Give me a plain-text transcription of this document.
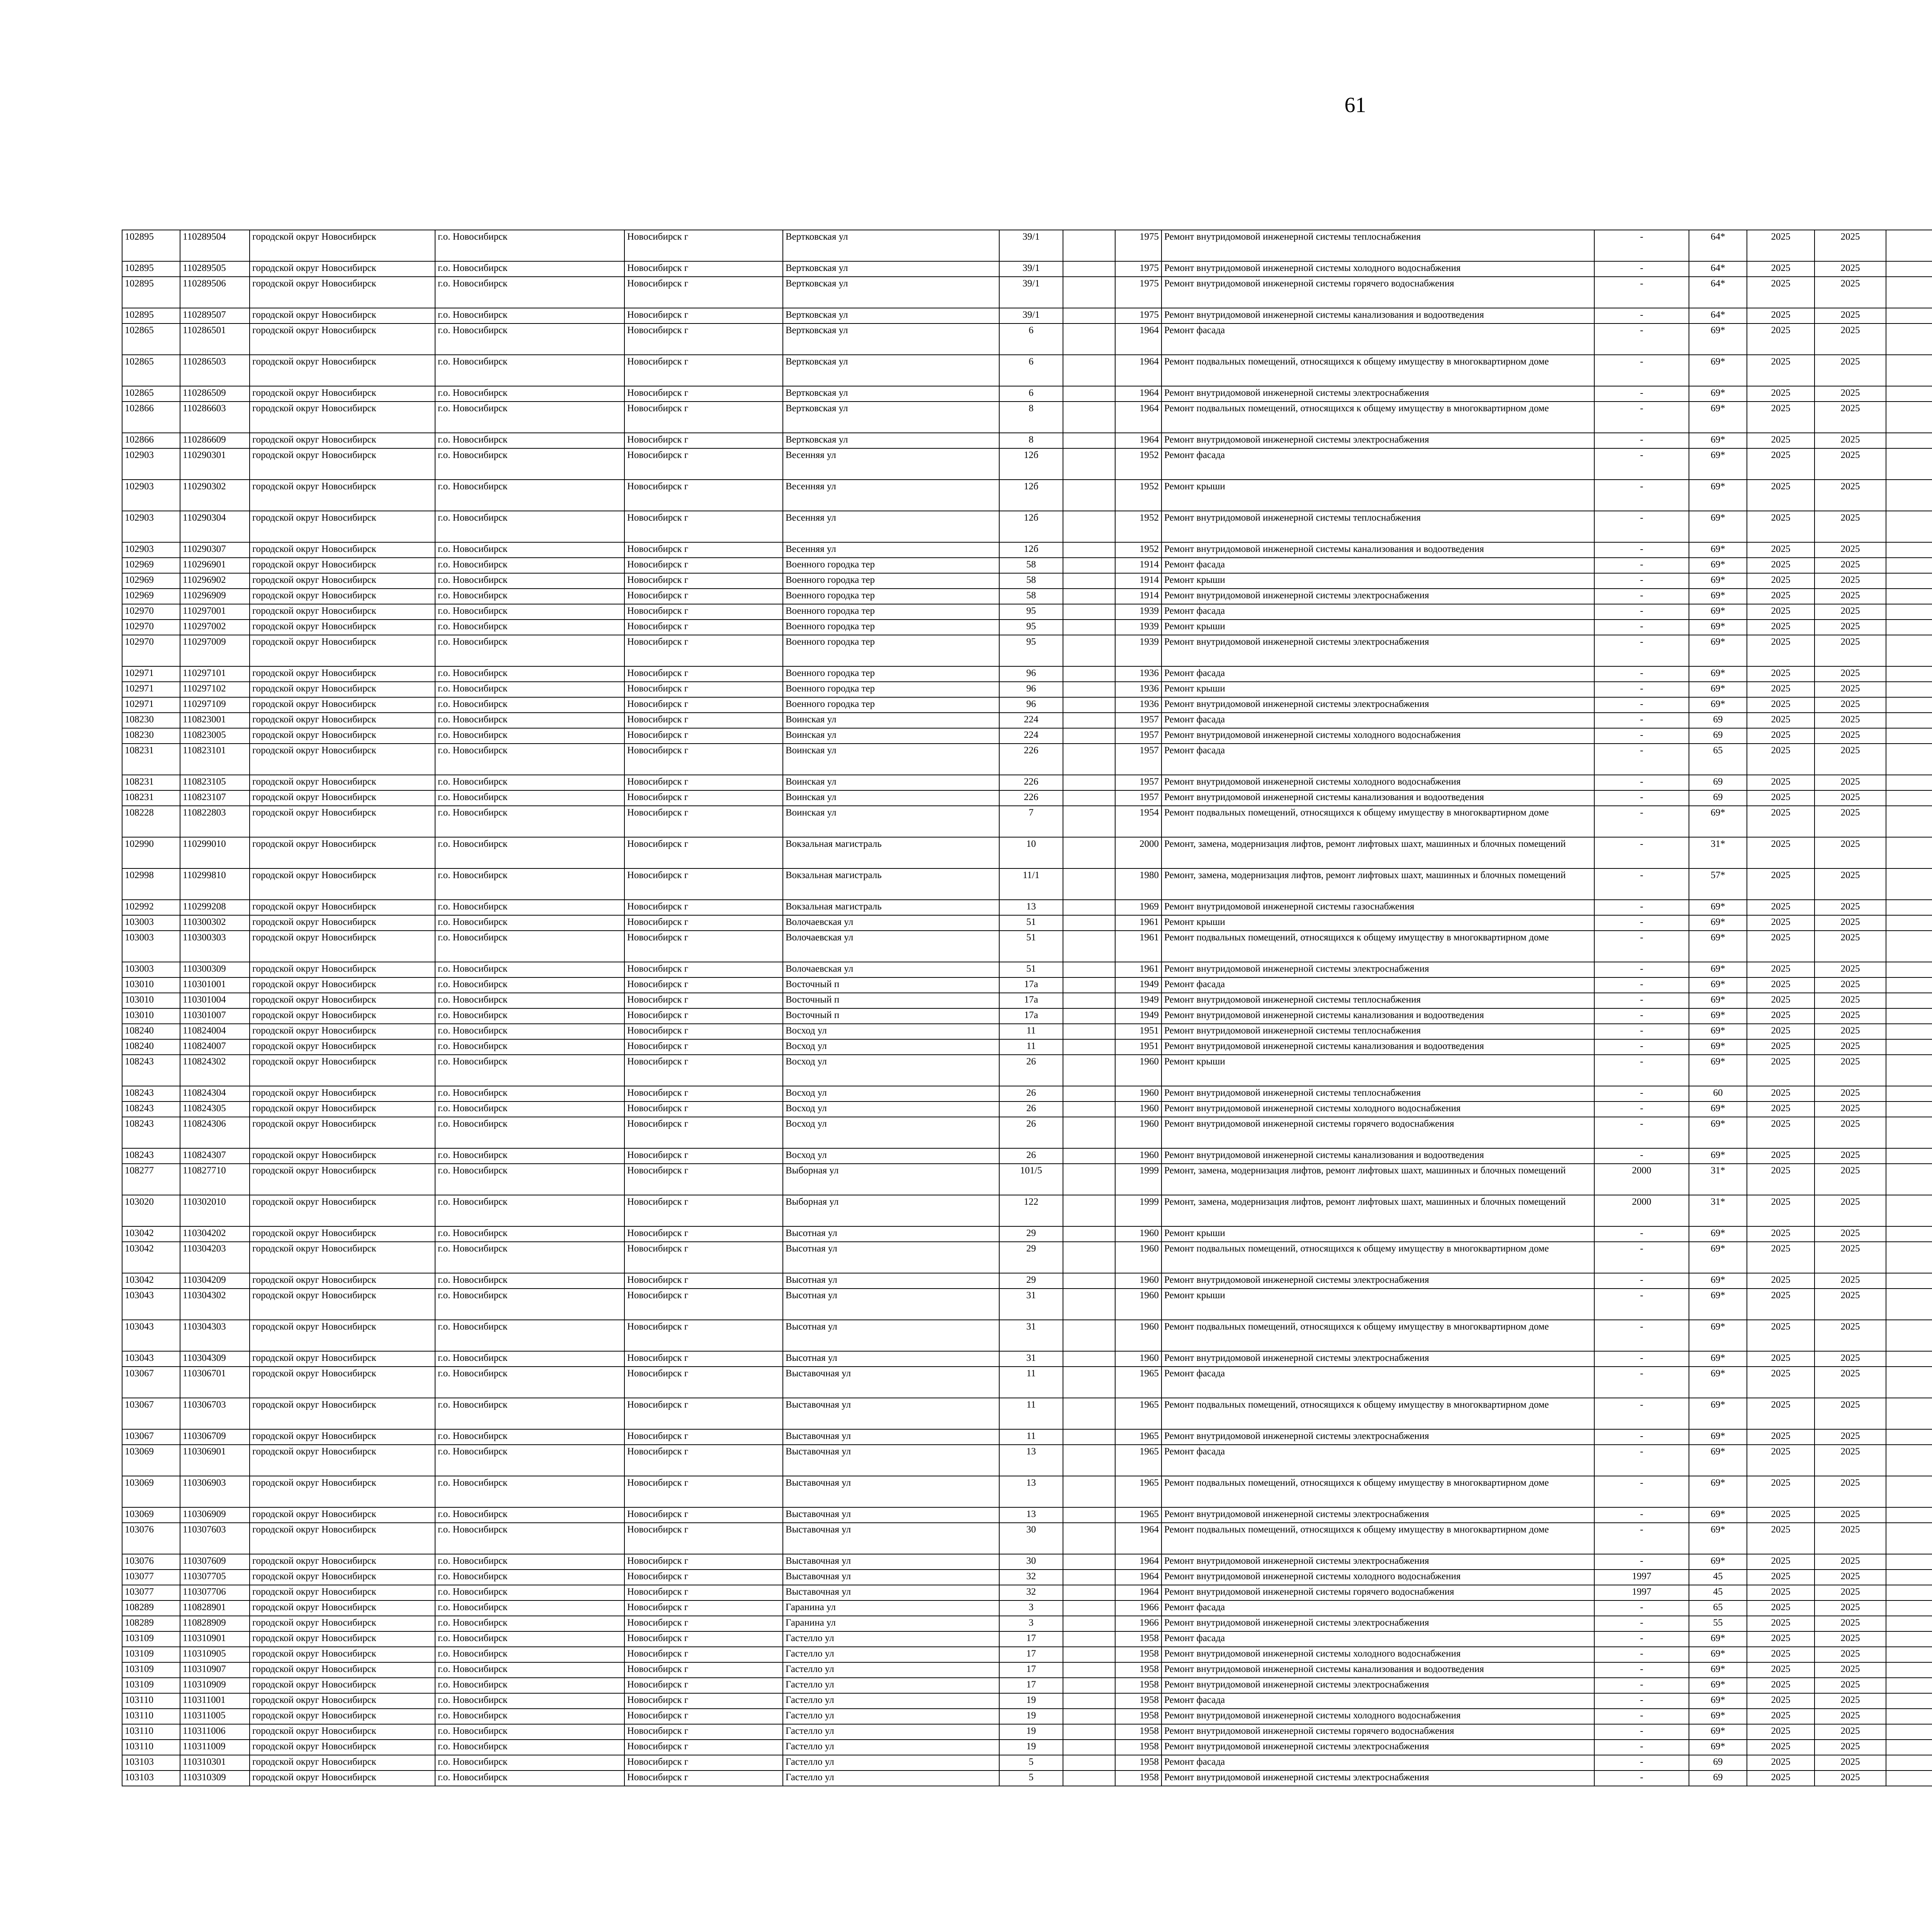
61
102895	110289504	городской округ Новосибирск	г.о. Новосибирск	Новосибирск г	Вертковская ул	39/1		1975	Ремонт внутридомовой инженерной системы теплоснабжения	-	64*	2025	2025								
102895	110289505	городской округ Новосибирск	г.о. Новосибирск	Новосибирск г	Вертковская ул	39/1		1975	Ремонт внутридомовой инженерной системы холодного водоснабжения	-	64*	2025	2025								
102895	110289506	городской округ Новосибирск	г.о. Новосибирск	Новосибирск г	Вертковская ул	39/1		1975	Ремонт внутридомовой инженерной системы горячего водоснабжения	-	64*	2025	2025								
102895	110289507	городской округ Новосибирск	г.о. Новосибирск	Новосибирск г	Вертковская ул	39/1		1975	Ремонт внутридомовой инженерной системы канализования и водоотведения	-	64*	2025	2025								
102865	110286501	городской округ Новосибирск	г.о. Новосибирск	Новосибирск г	Вертковская ул	6		1964	Ремонт фасада	-	69*	2025	2025								
102865	110286503	городской округ Новосибирск	г.о. Новосибирск	Новосибирск г	Вертковская ул	6		1964	Ремонт подвальных помещений, относящихся к общему имуществу в многоквартирном доме	-	69*	2025	2025								
102865	110286509	городской округ Новосибирск	г.о. Новосибирск	Новосибирск г	Вертковская ул	6		1964	Ремонт внутридомовой инженерной системы электроснабжения	-	69*	2025	2025								
102866	110286603	городской округ Новосибирск	г.о. Новосибирск	Новосибирск г	Вертковская ул	8		1964	Ремонт подвальных помещений, относящихся к общему имуществу в многоквартирном доме	-	69*	2025	2025								
102866	110286609	городской округ Новосибирск	г.о. Новосибирск	Новосибирск г	Вертковская ул	8		1964	Ремонт внутридомовой инженерной системы электроснабжения	-	69*	2025	2025								
102903	110290301	городской округ Новосибирск	г.о. Новосибирск	Новосибирск г	Весенняя ул	12б		1952	Ремонт фасада	-	69*	2025	2025								
102903	110290302	городской округ Новосибирск	г.о. Новосибирск	Новосибирск г	Весенняя ул	12б		1952	Ремонт крыши	-	69*	2025	2025								
102903	110290304	городской округ Новосибирск	г.о. Новосибирск	Новосибирск г	Весенняя ул	12б		1952	Ремонт внутридомовой инженерной системы теплоснабжения	-	69*	2025	2025								
102903	110290307	городской округ Новосибирск	г.о. Новосибирск	Новосибирск г	Весенняя ул	12б		1952	Ремонт внутридомовой инженерной системы канализования и водоотведения	-	69*	2025	2025								
102969	110296901	городской округ Новосибирск	г.о. Новосибирск	Новосибирск г	Военного городка тер	58		1914	Ремонт фасада	-	69*	2025	2025								
102969	110296902	городской округ Новосибирск	г.о. Новосибирск	Новосибирск г	Военного городка тер	58		1914	Ремонт крыши	-	69*	2025	2025								
102969	110296909	городской округ Новосибирск	г.о. Новосибирск	Новосибирск г	Военного городка тер	58		1914	Ремонт внутридомовой инженерной системы электроснабжения	-	69*	2025	2025								
102970	110297001	городской округ Новосибирск	г.о. Новосибирск	Новосибирск г	Военного городка тер	95		1939	Ремонт фасада	-	69*	2025	2025								
102970	110297002	городской округ Новосибирск	г.о. Новосибирск	Новосибирск г	Военного городка тер	95		1939	Ремонт крыши	-	69*	2025	2025								
102970	110297009	городской округ Новосибирск	г.о. Новосибирск	Новосибирск г	Военного городка тер	95		1939	Ремонт внутридомовой инженерной системы электроснабжения	-	69*	2025	2025								
102971	110297101	городской округ Новосибирск	г.о. Новосибирск	Новосибирск г	Военного городка тер	96		1936	Ремонт фасада	-	69*	2025	2025								
102971	110297102	городской округ Новосибирск	г.о. Новосибирск	Новосибирск г	Военного городка тер	96		1936	Ремонт крыши	-	69*	2025	2025								
102971	110297109	городской округ Новосибирск	г.о. Новосибирск	Новосибирск г	Военного городка тер	96		1936	Ремонт внутридомовой инженерной системы электроснабжения	-	69*	2025	2025								
108230	110823001	городской округ Новосибирск	г.о. Новосибирск	Новосибирск г	Воинская ул	224		1957	Ремонт фасада	-	69	2025	2025								
108230	110823005	городской округ Новосибирск	г.о. Новосибирск	Новосибирск г	Воинская ул	224		1957	Ремонт внутридомовой инженерной системы холодного водоснабжения	-	69	2025	2025								
108231	110823101	городской округ Новосибирск	г.о. Новосибирск	Новосибирск г	Воинская ул	226		1957	Ремонт фасада	-	65	2025	2025								
108231	110823105	городской округ Новосибирск	г.о. Новосибирск	Новосибирск г	Воинская ул	226		1957	Ремонт внутридомовой инженерной системы холодного водоснабжения	-	69	2025	2025								
108231	110823107	городской округ Новосибирск	г.о. Новосибирск	Новосибирск г	Воинская ул	226		1957	Ремонт внутридомовой инженерной системы канализования и водоотведения	-	69	2025	2025								
108228	110822803	городской округ Новосибирск	г.о. Новосибирск	Новосибирск г	Воинская ул	7		1954	Ремонт подвальных помещений, относящихся к общему имуществу в многоквартирном доме	-	69*	2025	2025								
102990	110299010	городской округ Новосибирск	г.о. Новосибирск	Новосибирск г	Вокзальная магистраль	10		2000	Ремонт, замена, модернизация лифтов, ремонт лифтовых шахт, машинных и блочных помещений	-	31*	2025	2025								
102998	110299810	городской округ Новосибирск	г.о. Новосибирск	Новосибирск г	Вокзальная магистраль	11/1		1980	Ремонт, замена, модернизация лифтов, ремонт лифтовых шахт, машинных и блочных помещений	-	57*	2025	2025								
102992	110299208	городской округ Новосибирск	г.о. Новосибирск	Новосибирск г	Вокзальная магистраль	13		1969	Ремонт внутридомовой инженерной системы газоснабжения	-	69*	2025	2025								
103003	110300302	городской округ Новосибирск	г.о. Новосибирск	Новосибирск г	Волочаевская ул	51		1961	Ремонт крыши	-	69*	2025	2025								
103003	110300303	городской округ Новосибирск	г.о. Новосибирск	Новосибирск г	Волочаевская ул	51		1961	Ремонт подвальных помещений, относящихся к общему имуществу в многоквартирном доме	-	69*	2025	2025								
103003	110300309	городской округ Новосибирск	г.о. Новосибирск	Новосибирск г	Волочаевская ул	51		1961	Ремонт внутридомовой инженерной системы электроснабжения	-	69*	2025	2025								
103010	110301001	городской округ Новосибирск	г.о. Новосибирск	Новосибирск г	Восточный п	17а		1949	Ремонт фасада	-	69*	2025	2025								
103010	110301004	городской округ Новосибирск	г.о. Новосибирск	Новосибирск г	Восточный п	17а		1949	Ремонт внутридомовой инженерной системы теплоснабжения	-	69*	2025	2025								
103010	110301007	городской округ Новосибирск	г.о. Новосибирск	Новосибирск г	Восточный п	17а		1949	Ремонт внутридомовой инженерной системы канализования и водоотведения	-	69*	2025	2025								
108240	110824004	городской округ Новосибирск	г.о. Новосибирск	Новосибирск г	Восход ул	11		1951	Ремонт внутридомовой инженерной системы теплоснабжения	-	69*	2025	2025								
108240	110824007	городской округ Новосибирск	г.о. Новосибирск	Новосибирск г	Восход ул	11		1951	Ремонт внутридомовой инженерной системы канализования и водоотведения	-	69*	2025	2025								
108243	110824302	городской округ Новосибирск	г.о. Новосибирск	Новосибирск г	Восход ул	26		1960	Ремонт крыши	-	69*	2025	2025								
108243	110824304	городской округ Новосибирск	г.о. Новосибирск	Новосибирск г	Восход ул	26		1960	Ремонт внутридомовой инженерной системы теплоснабжения	-	60	2025	2025								
108243	110824305	городской округ Новосибирск	г.о. Новосибирск	Новосибирск г	Восход ул	26		1960	Ремонт внутридомовой инженерной системы холодного водоснабжения	-	69*	2025	2025								
108243	110824306	городской округ Новосибирск	г.о. Новосибирск	Новосибирск г	Восход ул	26		1960	Ремонт внутридомовой инженерной системы горячего водоснабжения	-	69*	2025	2025								
108243	110824307	городской округ Новосибирск	г.о. Новосибирск	Новосибирск г	Восход ул	26		1960	Ремонт внутридомовой инженерной системы канализования и водоотведения	-	69*	2025	2025								
108277	110827710	городской округ Новосибирск	г.о. Новосибирск	Новосибирск г	Выборная ул	101/5		1999	Ремонт, замена, модернизация лифтов, ремонт лифтовых шахт, машинных и блочных помещений	2000	31*	2025	2025								
103020	110302010	городской округ Новосибирск	г.о. Новосибирск	Новосибирск г	Выборная ул	122		1999	Ремонт, замена, модернизация лифтов, ремонт лифтовых шахт, машинных и блочных помещений	2000	31*	2025	2025								
103042	110304202	городской округ Новосибирск	г.о. Новосибирск	Новосибирск г	Высотная ул	29		1960	Ремонт крыши	-	69*	2025	2025								
103042	110304203	городской округ Новосибирск	г.о. Новосибирск	Новосибирск г	Высотная ул	29		1960	Ремонт подвальных помещений, относящихся к общему имуществу в многоквартирном доме	-	69*	2025	2025								
103042	110304209	городской округ Новосибирск	г.о. Новосибирск	Новосибирск г	Высотная ул	29		1960	Ремонт внутридомовой инженерной системы электроснабжения	-	69*	2025	2025								
103043	110304302	городской округ Новосибирск	г.о. Новосибирск	Новосибирск г	Высотная ул	31		1960	Ремонт крыши	-	69*	2025	2025								
103043	110304303	городской округ Новосибирск	г.о. Новосибирск	Новосибирск г	Высотная ул	31		1960	Ремонт подвальных помещений, относящихся к общему имуществу в многоквартирном доме	-	69*	2025	2025								
103043	110304309	городской округ Новосибирск	г.о. Новосибирск	Новосибирск г	Высотная ул	31		1960	Ремонт внутридомовой инженерной системы электроснабжения	-	69*	2025	2025								
103067	110306701	городской округ Новосибирск	г.о. Новосибирск	Новосибирск г	Выставочная ул	11		1965	Ремонт фасада	-	69*	2025	2025								
103067	110306703	городской округ Новосибирск	г.о. Новосибирск	Новосибирск г	Выставочная ул	11		1965	Ремонт подвальных помещений, относящихся к общему имуществу в многоквартирном доме	-	69*	2025	2025								
103067	110306709	городской округ Новосибирск	г.о. Новосибирск	Новосибирск г	Выставочная ул	11		1965	Ремонт внутридомовой инженерной системы электроснабжения	-	69*	2025	2025								
103069	110306901	городской округ Новосибирск	г.о. Новосибирск	Новосибирск г	Выставочная ул	13		1965	Ремонт фасада	-	69*	2025	2025								
103069	110306903	городской округ Новосибирск	г.о. Новосибирск	Новосибирск г	Выставочная ул	13		1965	Ремонт подвальных помещений, относящихся к общему имуществу в многоквартирном доме	-	69*	2025	2025								
103069	110306909	городской округ Новосибирск	г.о. Новосибирск	Новосибирск г	Выставочная ул	13		1965	Ремонт внутридомовой инженерной системы электроснабжения	-	69*	2025	2025								
103076	110307603	городской округ Новосибирск	г.о. Новосибирск	Новосибирск г	Выставочная ул	30		1964	Ремонт подвальных помещений, относящихся к общему имуществу в многоквартирном доме	-	69*	2025	2025								
103076	110307609	городской округ Новосибирск	г.о. Новосибирск	Новосибирск г	Выставочная ул	30		1964	Ремонт внутридомовой инженерной системы электроснабжения	-	69*	2025	2025								
103077	110307705	городской округ Новосибирск	г.о. Новосибирск	Новосибирск г	Выставочная ул	32		1964	Ремонт внутридомовой инженерной системы холодного водоснабжения	1997	45	2025	2025								
103077	110307706	городской округ Новосибирск	г.о. Новосибирск	Новосибирск г	Выставочная ул	32		1964	Ремонт внутридомовой инженерной системы горячего водоснабжения	1997	45	2025	2025								
108289	110828901	городской округ Новосибирск	г.о. Новосибирск	Новосибирск г	Гаранина ул	3		1966	Ремонт фасада	-	65	2025	2025								
108289	110828909	городской округ Новосибирск	г.о. Новосибирск	Новосибирск г	Гаранина ул	3		1966	Ремонт внутридомовой инженерной системы электроснабжения	-	55	2025	2025								
103109	110310901	городской округ Новосибирск	г.о. Новосибирск	Новосибирск г	Гастелло ул	17		1958	Ремонт фасада	-	69*	2025	2025								
103109	110310905	городской округ Новосибирск	г.о. Новосибирск	Новосибирск г	Гастелло ул	17		1958	Ремонт внутридомовой инженерной системы холодного водоснабжения	-	69*	2025	2025								
103109	110310907	городской округ Новосибирск	г.о. Новосибирск	Новосибирск г	Гастелло ул	17		1958	Ремонт внутридомовой инженерной системы канализования и водоотведения	-	69*	2025	2025								
103109	110310909	городской округ Новосибирск	г.о. Новосибирск	Новосибирск г	Гастелло ул	17		1958	Ремонт внутридомовой инженерной системы электроснабжения	-	69*	2025	2025								
103110	110311001	городской округ Новосибирск	г.о. Новосибирск	Новосибирск г	Гастелло ул	19		1958	Ремонт фасада	-	69*	2025	2025								
103110	110311005	городской округ Новосибирск	г.о. Новосибирск	Новосибирск г	Гастелло ул	19		1958	Ремонт внутридомовой инженерной системы холодного водоснабжения	-	69*	2025	2025								
103110	110311006	городской округ Новосибирск	г.о. Новосибирск	Новосибирск г	Гастелло ул	19		1958	Ремонт внутридомовой инженерной системы горячего водоснабжения	-	69*	2025	2025								
103110	110311009	городской округ Новосибирск	г.о. Новосибирск	Новосибирск г	Гастелло ул	19		1958	Ремонт внутридомовой инженерной системы электроснабжения	-	69*	2025	2025								
103103	110310301	городской округ Новосибирск	г.о. Новосибирск	Новосибирск г	Гастелло ул	5		1958	Ремонт фасада	-	69	2025	2025								
103103	110310309	городской округ Новосибирск	г.о. Новосибирск	Новосибирск г	Гастелло ул	5		1958	Ремонт внутридомовой инженерной системы электроснабжения	-	69	2025	2025								
